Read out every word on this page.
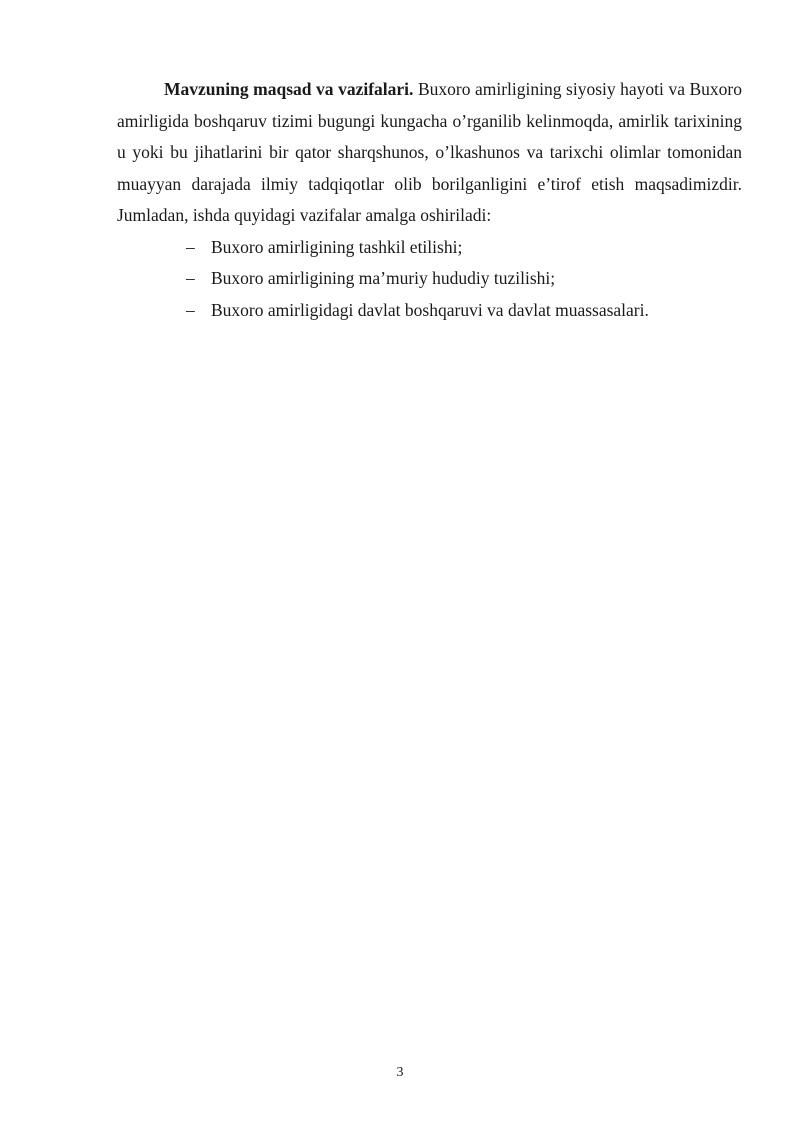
Mavzuning maqsad va vazifalari. Buxoro amirligining siyosiy hayoti va Buxoro amirligida boshqaruv tizimi bugungi kungacha o’rganilib kelinmoqda, amirlik tarixining u yoki bu jihatlarini bir qator sharqshunos, o’lkashunos va tarixchi olimlar tomonidan muayyan darajada ilmiy tadqiqotlar olib borilganligini e’tirof etish maqsadimizdir. Jumladan, ishda quyidagi vazifalar amalga oshiriladi:

– Buxoro amirligining tashkil etilishi;
– Buxoro amirligining ma’muriy hududiy tuzilishi;
– Buxoro amirligidagi davlat boshqaruvi va davlat muassasalari.
3
